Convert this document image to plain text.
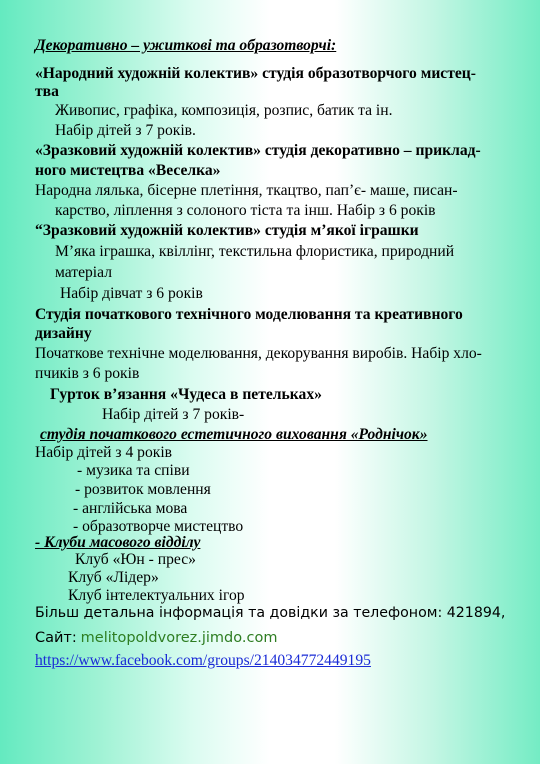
Декоративно – ужиткові та образотворчі:
«Народний художній колектив» студія образотворчого мистец-
тва
Живопис, графіка, композиція, розпис, батик та ін.
Набір дітей з 7 років.
«Зразковий художній колектив» студія декоративно – приклад-
ного мистецтва «Веселка»
Народна лялька, бісерне плетіння, ткацтво, пап’є- маше, писан-
карство, ліплення з солоного тіста та інш. Набір з 6 років
“Зразковий художній колектив» студія м’якої іграшки
М’яка іграшка, квіллінг, текстильна флористика, природний
матеріал
Набір дівчат з 6 років
Студія початкового технічного моделювання та креативного
дизайну
Початкове технічне моделювання, декорування виробів. Набір хло-
пчиків з 6 років
Гурток в’язання «Чудеса в петельках»
Набір дітей з 7 років-
студія початкового естетичного виховання «Роднічок»
Набір дітей з 4 років
- музика та співи
- розвиток мовлення
- англійська мова
- образотворче мистецтво
- Клуби масового відділу
Клуб «Юн - прес»
Клуб «Лідер»
Клуб інтелектуальних ігор
Більш детальна інформація та довідки за телефоном: 421894,
Сайт: melitopoldvorez.jimdo.com
https://www.facebook.com/groups/214034772449195
